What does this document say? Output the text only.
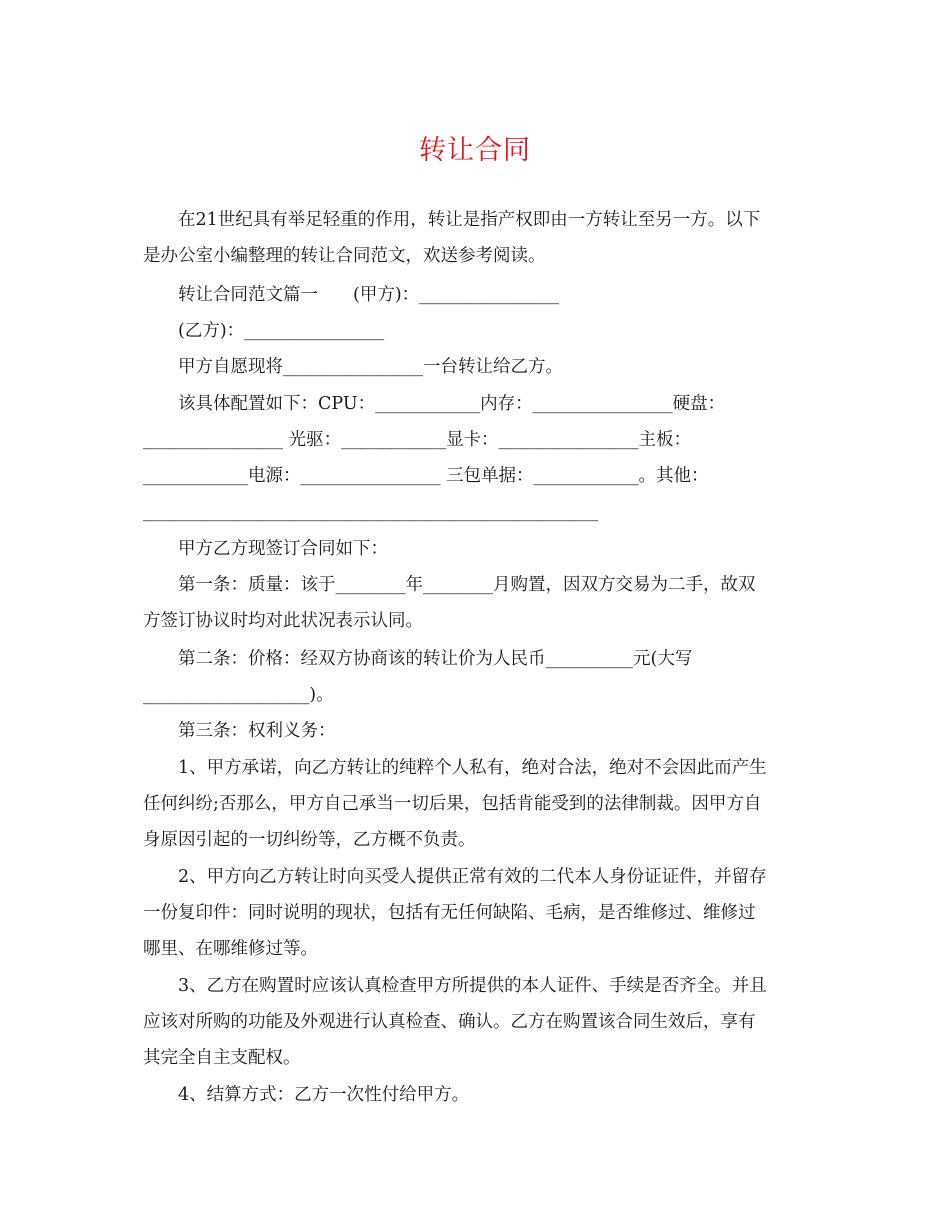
转让合同
在21世纪具有举足轻重的作用，转让是指产权即由一方转让至另一方。以下
是办公室小编整理的转让合同范文，欢送参考阅读。
转让合同范文篇一　　(甲方)：________________
(乙方)：________________
甲方自愿现将________________一台转让给乙方。
该具体配置如下：CPU：____________内存：________________硬盘：
________________ 光驱：____________显卡：________________主板：
____________电源：________________ 三包单据：____________。其他：
____________________________________________________
甲方乙方现签订合同如下：
第一条：质量：该于________年________月购置，因双方交易为二手，故双
方签订协议时均对此状况表示认同。
第二条：价格：经双方协商该的转让价为人民币__________元(大写
___________________)。
第三条：权利义务：
1、甲方承诺，向乙方转让的纯粹个人私有，绝对合法，绝对不会因此而产生
任何纠纷;否那么，甲方自己承当一切后果，包括肯能受到的法律制裁。因甲方自
身原因引起的一切纠纷等，乙方概不负责。
2、甲方向乙方转让时向买受人提供正常有效的二代本人身份证证件，并留存
一份复印件：同时说明的现状，包括有无任何缺陷、毛病，是否维修过、维修过
哪里、在哪维修过等。
3、乙方在购置时应该认真检查甲方所提供的本人证件、手续是否齐全。并且
应该对所购的功能及外观进行认真检查、确认。乙方在购置该合同生效后，享有
其完全自主支配权。
4、结算方式：乙方一次性付给甲方。
